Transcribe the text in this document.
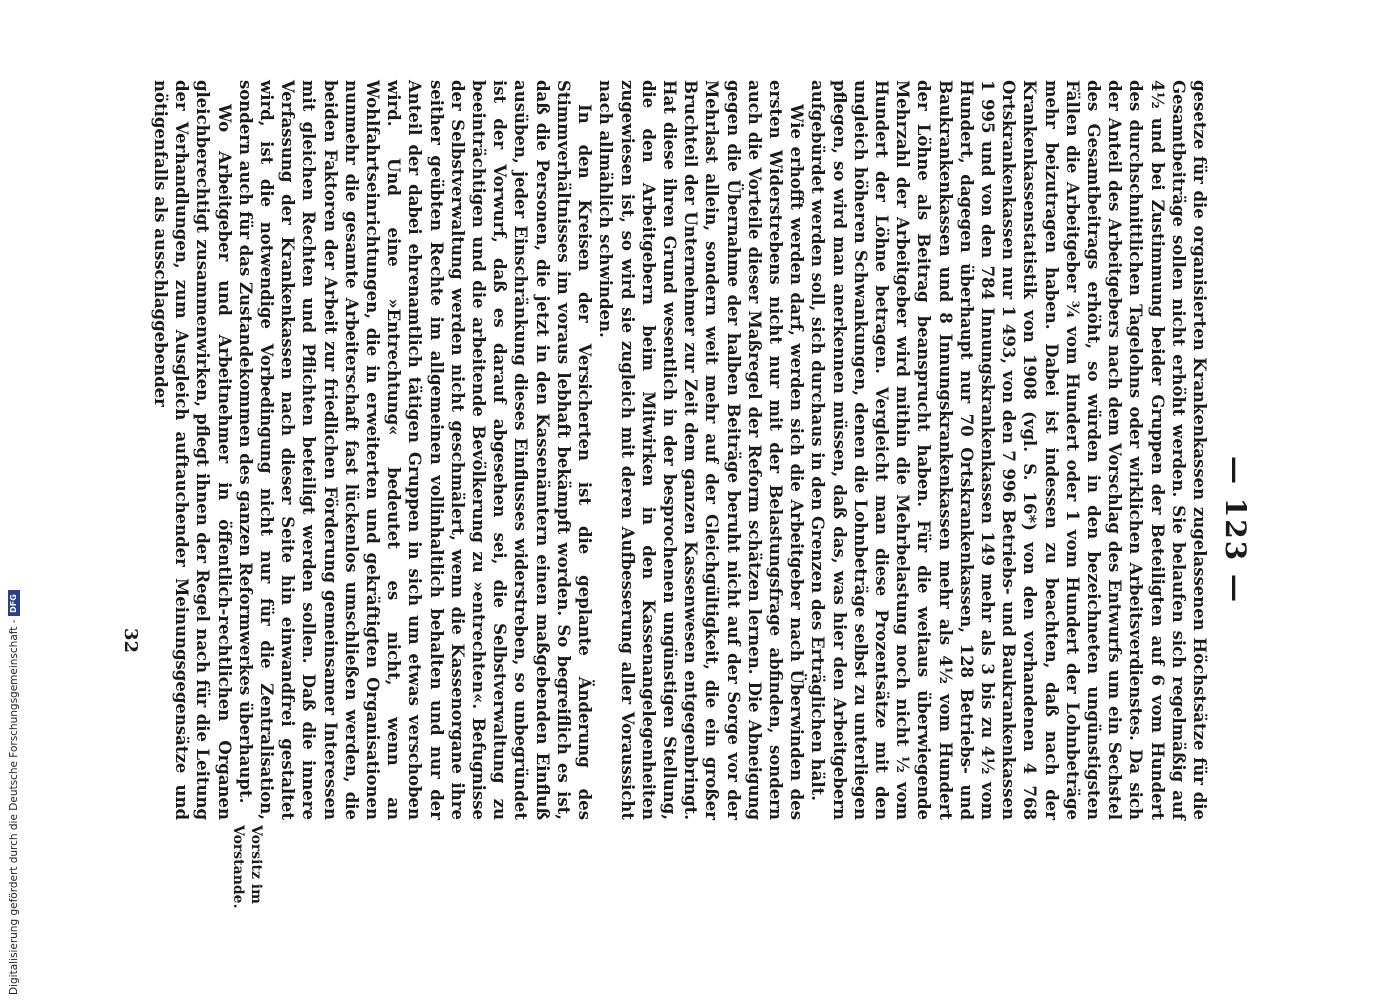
— 123 —

gesetze für die organisierten Krankenkassen zugelassenen Höchstsätze für die Gesamtbeiträge sollen nicht erhöht werden. Sie belaufen sich regelmäßig auf 4½ und bei Zustimmung beider Gruppen der Beteiligten auf 6 vom Hundert des durchschnittlichen Tagelohns oder wirklichen Arbeitsverdienstes. Da sich der Anteil des Arbeitgebers nach dem Vorschlag des Entwurfs um ein Sechstel des Gesamtbeitrags erhöht, so würden in den bezeichneten ungünstigsten Fällen die Arbeitgeber ¾ vom Hundert oder 1 vom Hundert der Lohnbeträge mehr beizutragen haben. Dabei ist indessen zu beachten, daß nach der Krankenkassenstatistik von 1908 (vgl. S. 16*) von den vorhandenen 4 768 Ortskrankenkassen nur 1 493, von den 7 996 Betriebs- und Baukrankenkassen 1 995 und von den 784 Innungskrankenkassen 149 mehr als 3 bis zu 4½ vom Hundert, dagegen überhaupt nur 70 Ortskrankenkassen, 128 Betriebs- und Baukrankenkassen und 8 Innungskrankenkassen mehr als 4½ vom Hundert der Löhne als Beitrag beansprucht haben. Für die weitaus überwiegende Mehrzahl der Arbeitgeber wird mithin die Mehrbelastung noch nicht ½ vom Hundert der Löhne betragen. Vergleicht man diese Prozentsätze mit den ungleich höheren Schwankungen, denen die Lohnbeträge selbst zu unterliegen pflegen, so wird man anerkennen müssen, daß das, was hier den Arbeitgebern aufgebürdet werden soll, sich durchaus in den Grenzen des Erträglichen hält.

Wie erhofft werden darf, werden sich die Arbeitgeber nach Überwinden des ersten Widerstrebens nicht nur mit der Belastungsfrage abfinden, sondern auch die Vorteile dieser Maßregel der Reform schätzen lernen. Die Abneigung gegen die Übernahme der halben Beiträge beruht nicht auf der Sorge vor der Mehrlast allein, sondern weit mehr auf der Gleichgültigkeit, die ein großer Bruchteil der Unternehmer zur Zeit dem ganzen Kassenwesen entgegenbringt. Hat diese ihren Grund wesentlich in der besprochenen ungünstigen Stellung, die den Arbeitgebern beim Mitwirken in den Kassenangelegenheiten zugewiesen ist, so wird sie zugleich mit deren Aufbesserung aller Voraussicht nach allmählich schwinden.

In den Kreisen der Versicherten ist die geplante Änderung des Stimmverhältnisses im voraus lebhaft bekämpft worden. So begreiflich es ist, daß die Personen, die jetzt in den Kassenämtern einen maßgebenden Einfluß ausüben, jeder Einschränkung dieses Einflusses widerstreben, so unbegründet ist der Vorwurf, daß es darauf abgesehen sei, die Selbstverwaltung zu beeinträchtigen und die arbeitende Bevölkerung zu »entrechten«. Befugnisse der Selbstverwaltung werden nicht geschmälert, wenn die Kassenorgane ihre seither geübten Rechte im allgemeinen vollinhaltlich behalten und nur der Anteil der dabei ehrenamtlich tätigen Gruppen in sich um etwas verschoben wird. Und eine »Entrechtung« bedeutet es nicht, wenn an Wohlfahrtseinrichtungen, die in erweiterten und gekräftigten Organisationen nunmehr die gesamte Arbeiterschaft fast lückenlos umschließen werden, die beiden Faktoren der Arbeit zur friedlichen Förderung gemeinsamer Interessen mit gleichen Rechten und Pflichten beteiligt werden sollen. Daß die innere Verfassung der Krankenkassen nach dieser Seite hin einwandfrei gestaltet wird, ist die notwendige Vorbedingung nicht nur für die Zentralisation, sondern auch für das Zustandekommen des ganzen Reformwerkes überhaupt.

Wo Arbeitgeber und Arbeitnehmer in öffentlich-rechtlichen Organen gleichberechtigt zusammenwirken, pflegt ihnen der Regel nach für die Leitung der Verhandlungen, zum Ausgleich auftauchender Meinungsgegensätze und nötigenfalls als ausschlaggebender

Vorsitz im Vorstande.
32
Digitalisierung gefördert durch die Deutsche Forschungsgemeinschaft -
DFG
